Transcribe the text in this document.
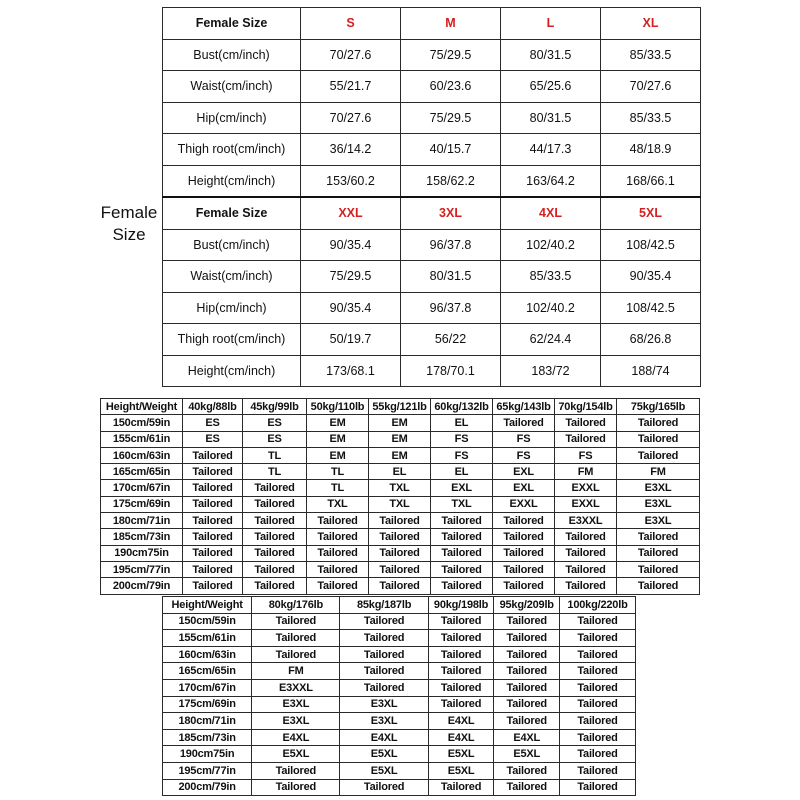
Female Size
Female Size	S	M	L	XL
Bust(cm/inch)	70/27.6	75/29.5	80/31.5	85/33.5
Waist(cm/inch)	55/21.7	60/23.6	65/25.6	70/27.6
Hip(cm/inch)	70/27.6	75/29.5	80/31.5	85/33.5
Thigh root(cm/inch)	36/14.2	40/15.7	44/17.3	48/18.9
Height(cm/inch)	153/60.2	158/62.2	163/64.2	168/66.1
Female Size	XXL	3XL	4XL	5XL
Bust(cm/inch)	90/35.4	96/37.8	102/40.2	108/42.5
Waist(cm/inch)	75/29.5	80/31.5	85/33.5	90/35.4
Hip(cm/inch)	90/35.4	96/37.8	102/40.2	108/42.5
Thigh root(cm/inch)	50/19.7	56/22	62/24.4	68/26.8
Height(cm/inch)	173/68.1	178/70.1	183/72	188/74
Height/Weight	40kg/88lb	45kg/99lb	50kg/110lb	55kg/121lb	60kg/132lb	65kg/143lb	70kg/154lb	75kg/165lb
150cm/59in	ES	ES	EM	EM	EL	Tailored	Tailored	Tailored
155cm/61in	ES	ES	EM	EM	FS	FS	Tailored	Tailored
160cm/63in	Tailored	TL	EM	EM	FS	FS	FS	Tailored
165cm/65in	Tailored	TL	TL	EL	EL	EXL	FM	FM
170cm/67in	Tailored	Tailored	TL	TXL	EXL	EXL	EXXL	E3XL
175cm/69in	Tailored	Tailored	TXL	TXL	TXL	EXXL	EXXL	E3XL
180cm/71in	Tailored	Tailored	Tailored	Tailored	Tailored	Tailored	E3XXL	E3XL
185cm/73in	Tailored	Tailored	Tailored	Tailored	Tailored	Tailored	Tailored	Tailored
190cm75in	Tailored	Tailored	Tailored	Tailored	Tailored	Tailored	Tailored	Tailored
195cm/77in	Tailored	Tailored	Tailored	Tailored	Tailored	Tailored	Tailored	Tailored
200cm/79in	Tailored	Tailored	Tailored	Tailored	Tailored	Tailored	Tailored	Tailored
Height/Weight	80kg/176lb	85kg/187lb	90kg/198lb	95kg/209lb	100kg/220lb
150cm/59in	Tailored	Tailored	Tailored	Tailored	Tailored
155cm/61in	Tailored	Tailored	Tailored	Tailored	Tailored
160cm/63in	Tailored	Tailored	Tailored	Tailored	Tailored
165cm/65in	FM	Tailored	Tailored	Tailored	Tailored
170cm/67in	E3XXL	Tailored	Tailored	Tailored	Tailored
175cm/69in	E3XL	E3XL	Tailored	Tailored	Tailored
180cm/71in	E3XL	E3XL	E4XL	Tailored	Tailored
185cm/73in	E4XL	E4XL	E4XL	E4XL	Tailored
190cm75in	E5XL	E5XL	E5XL	E5XL	Tailored
195cm/77in	Tailored	E5XL	E5XL	Tailored	Tailored
200cm/79in	Tailored	Tailored	Tailored	Tailored	Tailored
